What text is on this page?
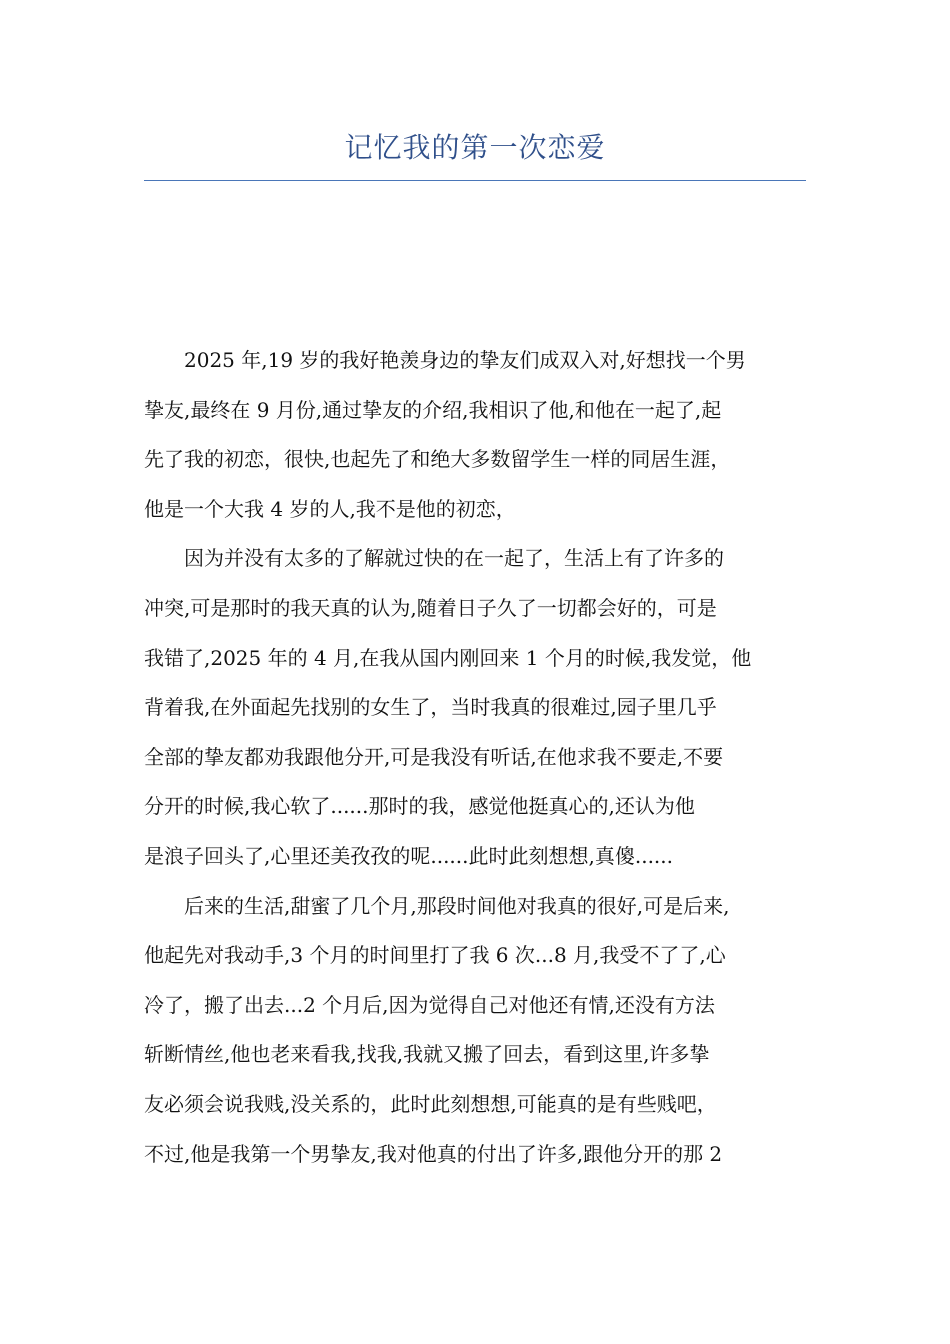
记忆我的第一次恋爱

2025 年,19 岁的我好艳羡身边的挚友们成双入对,好想找一个男
挚友,最终在 9 月份,通过挚友的介绍,我相识了他,和他在一起了,起
先了我的初恋，很快,也起先了和绝大多数留学生一样的同居生涯，
他是一个大我 4 岁的人,我不是他的初恋，

因为并没有太多的了解就过快的在一起了，生活上有了许多的
冲突,可是那时的我天真的认为,随着日子久了一切都会好的，可是
我错了,2025 年的 4 月,在我从国内刚回来 1 个月的时候,我发觉，他
背着我,在外面起先找别的女生了，当时我真的很难过,园子里几乎
全部的挚友都劝我跟他分开,可是我没有听话,在他求我不要走,不要
分开的时候,我心软了......那时的我，感觉他挺真心的,还认为他
是浪子回头了,心里还美孜孜的呢......此时此刻想想,真傻......

后来的生活,甜蜜了几个月,那段时间他对我真的很好,可是后来,
他起先对我动手,3 个月的时间里打了我 6 次...8 月,我受不了了,心
冷了，搬了出去...2 个月后,因为觉得自己对他还有情,还没有方法
斩断情丝,他也老来看我,找我,我就又搬了回去，看到这里,许多挚
友必须会说我贱,没关系的，此时此刻想想,可能真的是有些贱吧，
不过,他是我第一个男挚友,我对他真的付出了许多,跟他分开的那 2
